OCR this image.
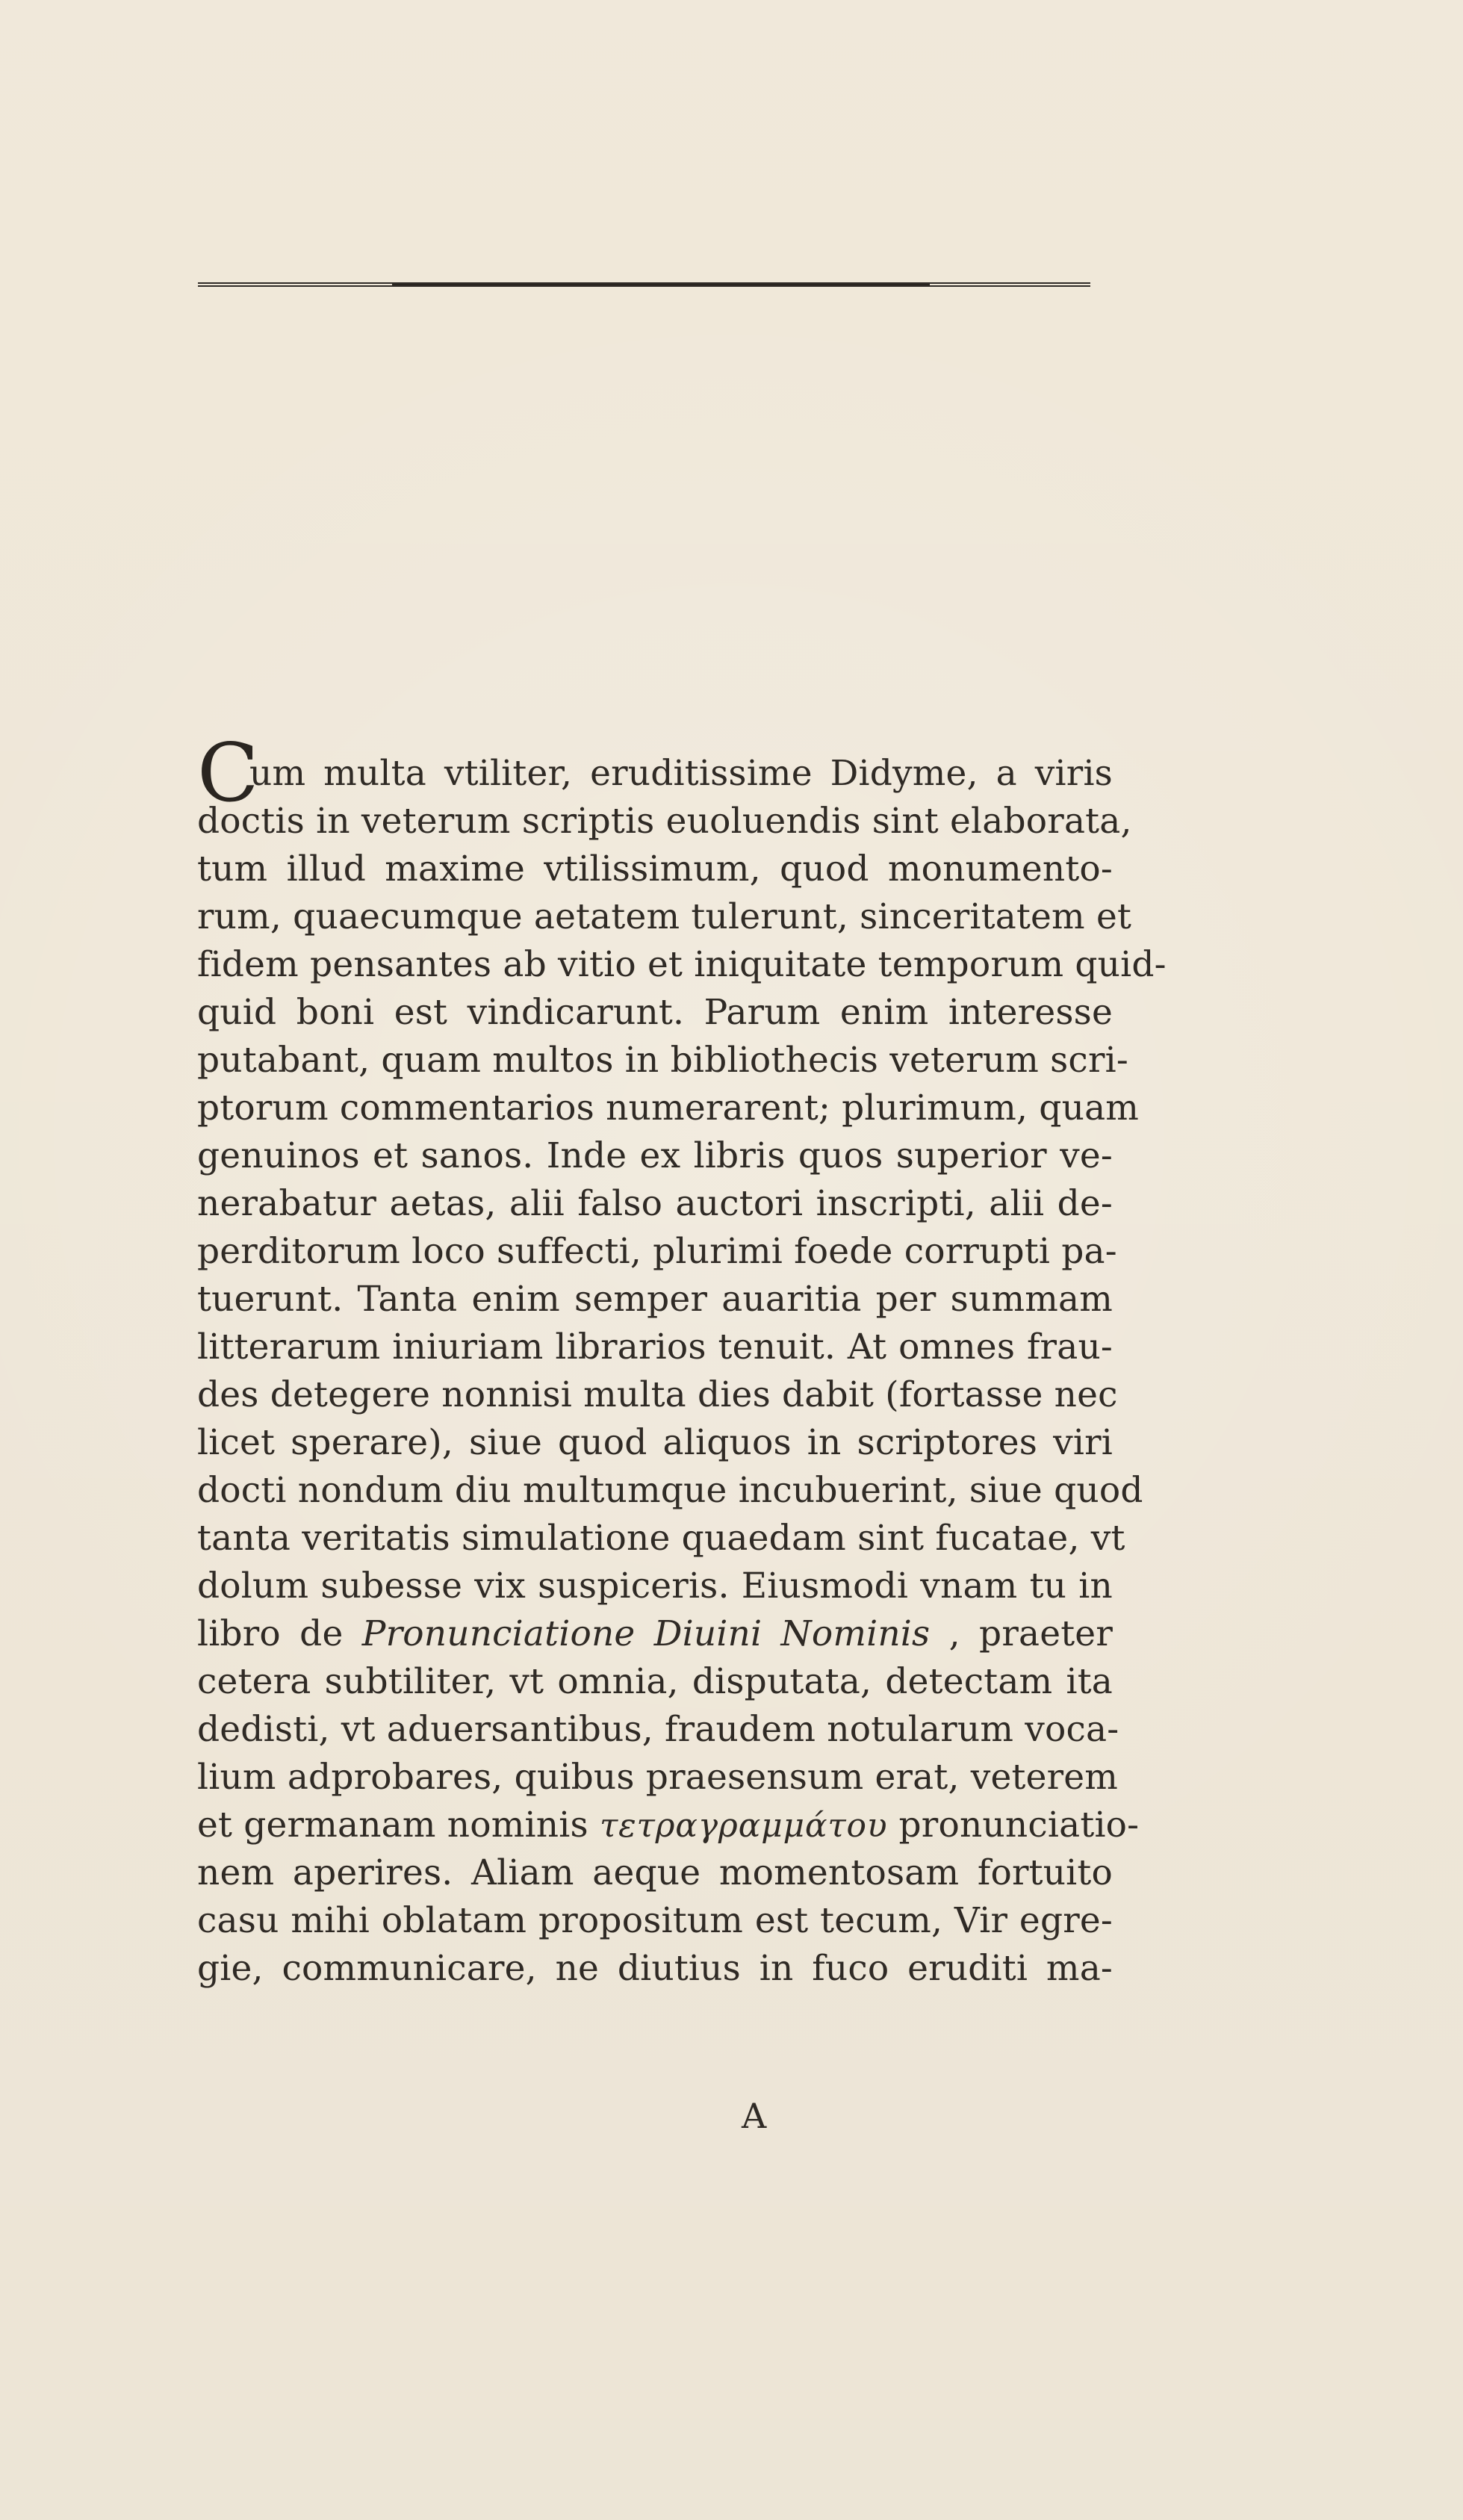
C
um multa vtiliter, eruditissime Didyme, a viris
doctis in veterum scriptis euoluendis sint elaborata,
tum illud maxime vtilissimum, quod monumento-
rum, quaecumque aetatem tulerunt, sinceritatem et
fidem pensantes ab vitio et iniquitate temporum quid-
quid boni est vindicarunt. Parum enim interesse
putabant, quam multos in bibliothecis veterum scri-
ptorum commentarios numerarent; plurimum, quam
genuinos et sanos. Inde ex libris quos superior ve-
nerabatur aetas, alii falso auctori inscripti, alii de-
perditorum loco suffecti, plurimi foede corrupti pa-
tuerunt. Tanta enim semper auaritia per summam
litterarum iniuriam librarios tenuit. At omnes frau-
des detegere nonnisi multa dies dabit (fortasse nec
licet sperare), siue quod aliquos in scriptores viri
docti nondum diu multumque incubuerint, siue quod
tanta veritatis simulatione quaedam sint fucatae, vt
dolum subesse vix suspiceris. Eiusmodi vnam tu in
libro de Pronunciatione Diuini Nominis , praeter
cetera subtiliter, vt omnia, disputata, detectam ita
dedisti, vt aduersantibus, fraudem notularum voca-
lium adprobares, quibus praesensum erat, veterem
et germanam nominis τετραγραμμάτου pronunciatio-
nem aperires. Aliam aeque momentosam fortuito
casu mihi oblatam propositum est tecum, Vir egre-
gie, communicare, ne diutius in fuco eruditi ma-
A
